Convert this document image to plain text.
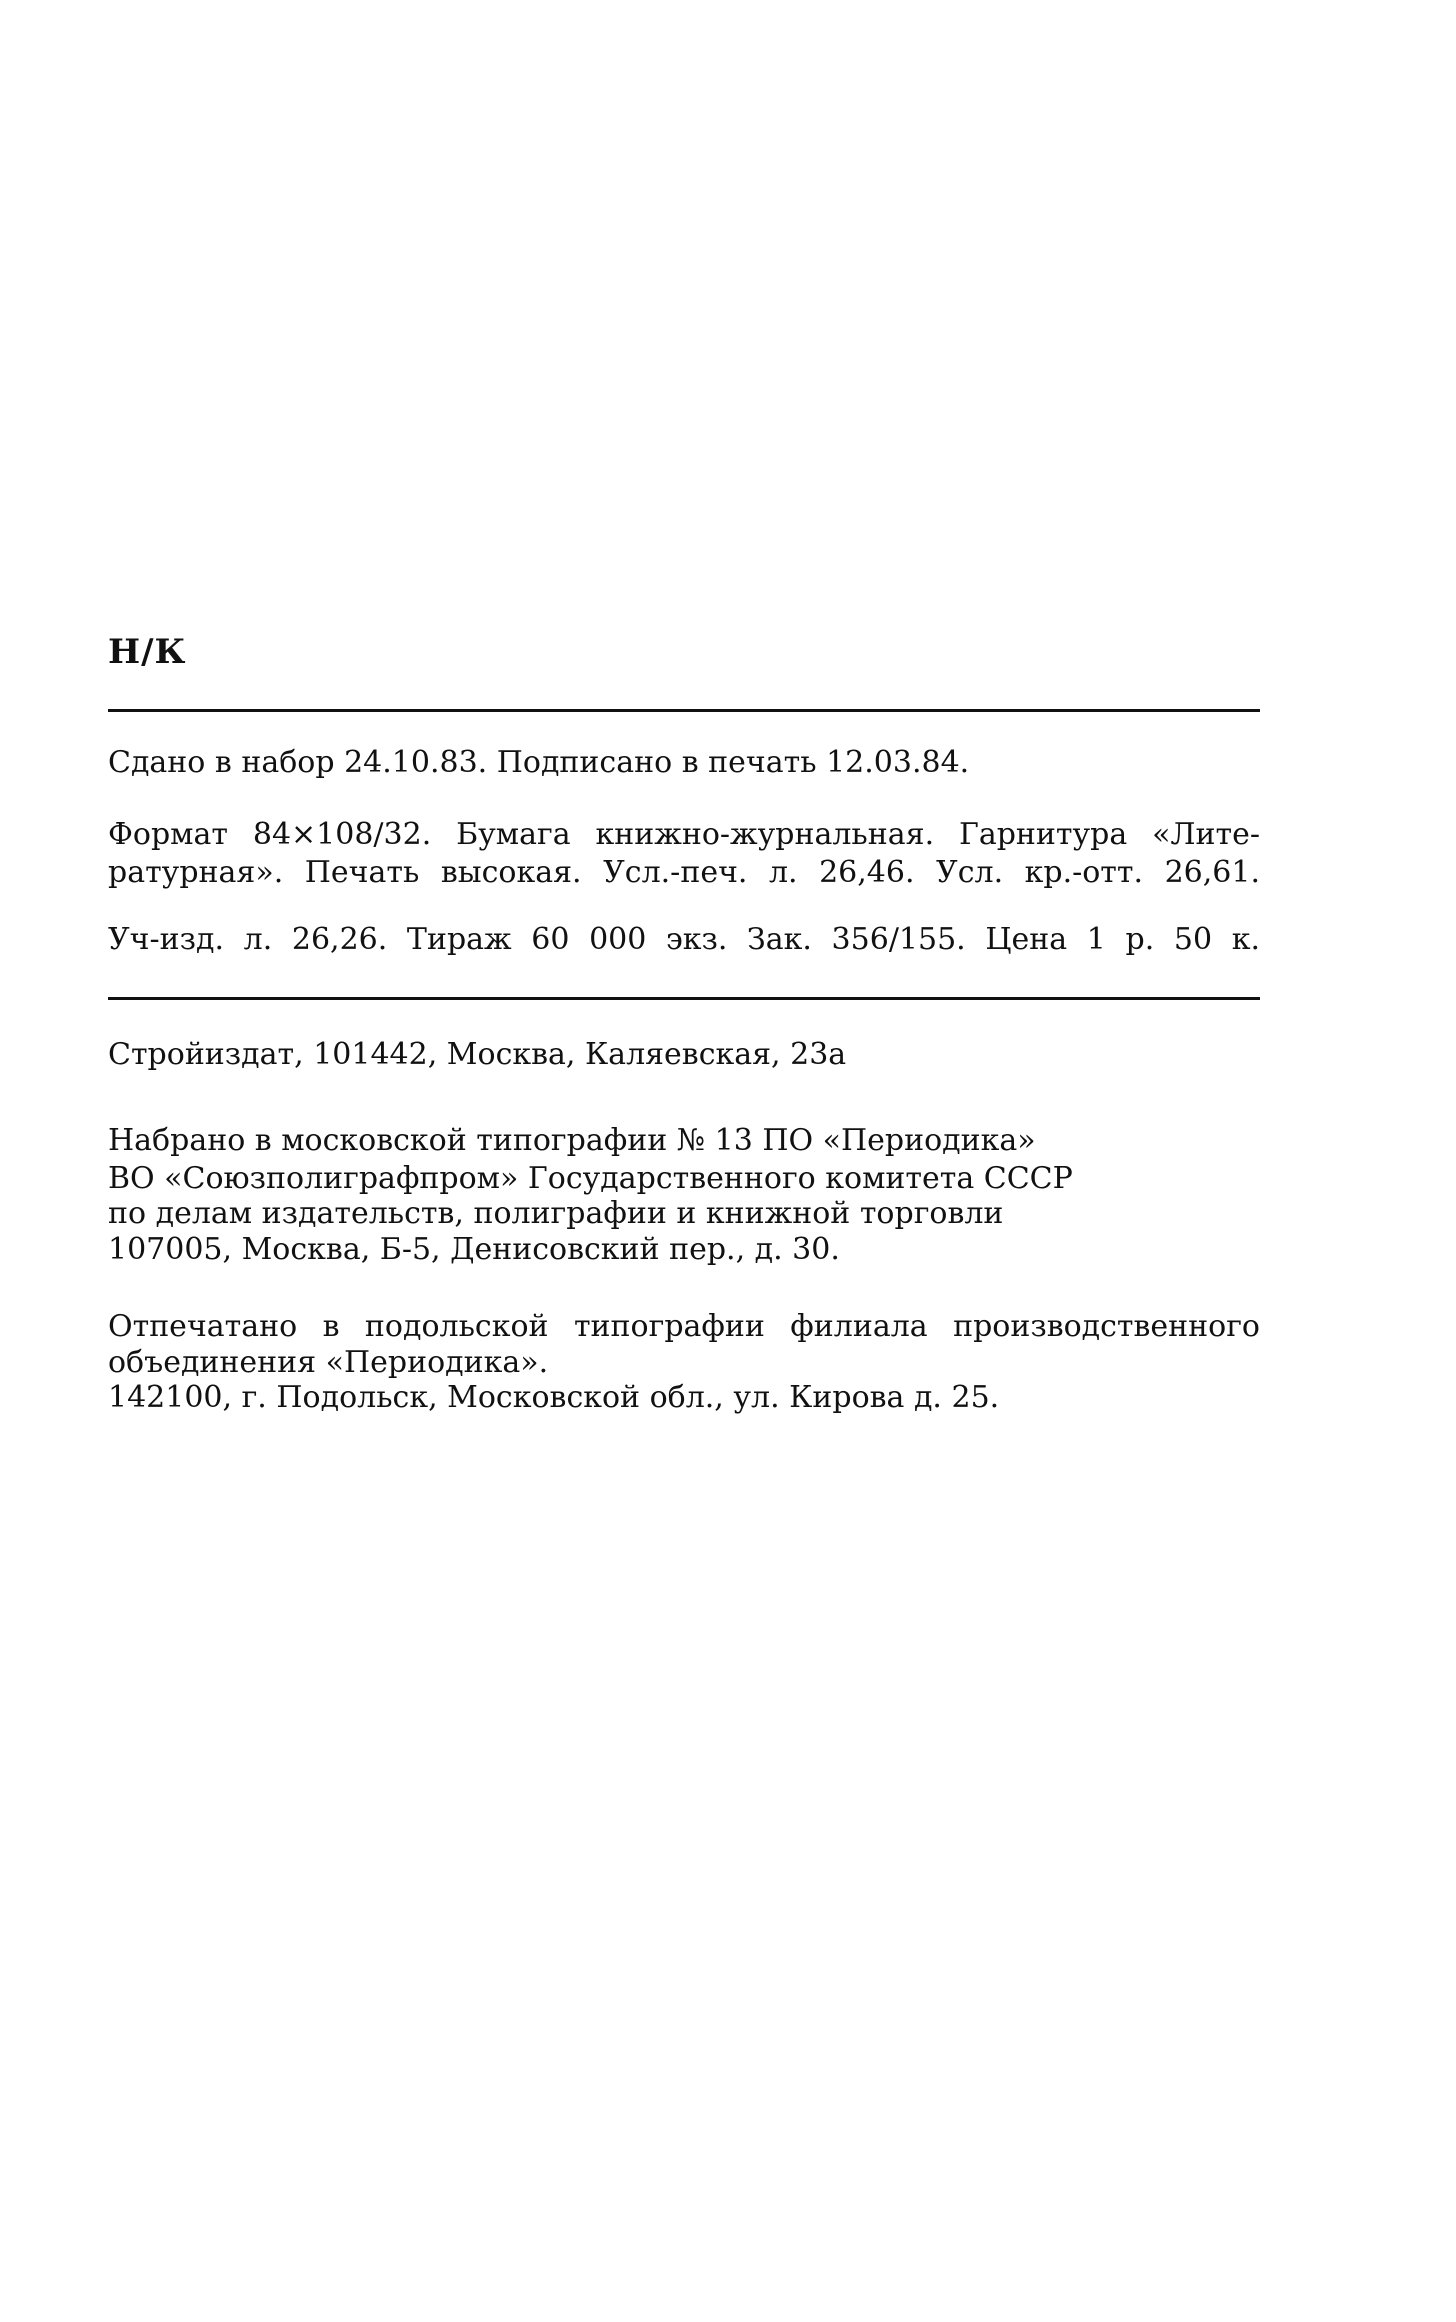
Н/К
Сдано в набор 24.10.83. Подписано в печать 12.03.84.
Формат 84×108/32. Бумага книжно-журнальная. Гарнитура «Лите-
ратурная». Печать высокая. Усл.-печ. л. 26,46. Усл. кр.-отт. 26,61.
Уч-изд. л. 26,26. Тираж 60 000 экз. Зак. 356/155. Цена 1 р. 50 к.
Стройиздат, 101442, Москва, Каляевская, 23а
Набрано в московской типографии № 13 ПО «Периодика»
ВО «Союзполиграфпром» Государственного комитета СССР
по делам издательств, полиграфии и книжной торговли
107005, Москва, Б-5, Денисовский пер., д. 30.
Отпечатано в подольской типографии филиала производственного
объединения «Периодика».
142100, г. Подольск, Московской обл., ул. Кирова д. 25.
